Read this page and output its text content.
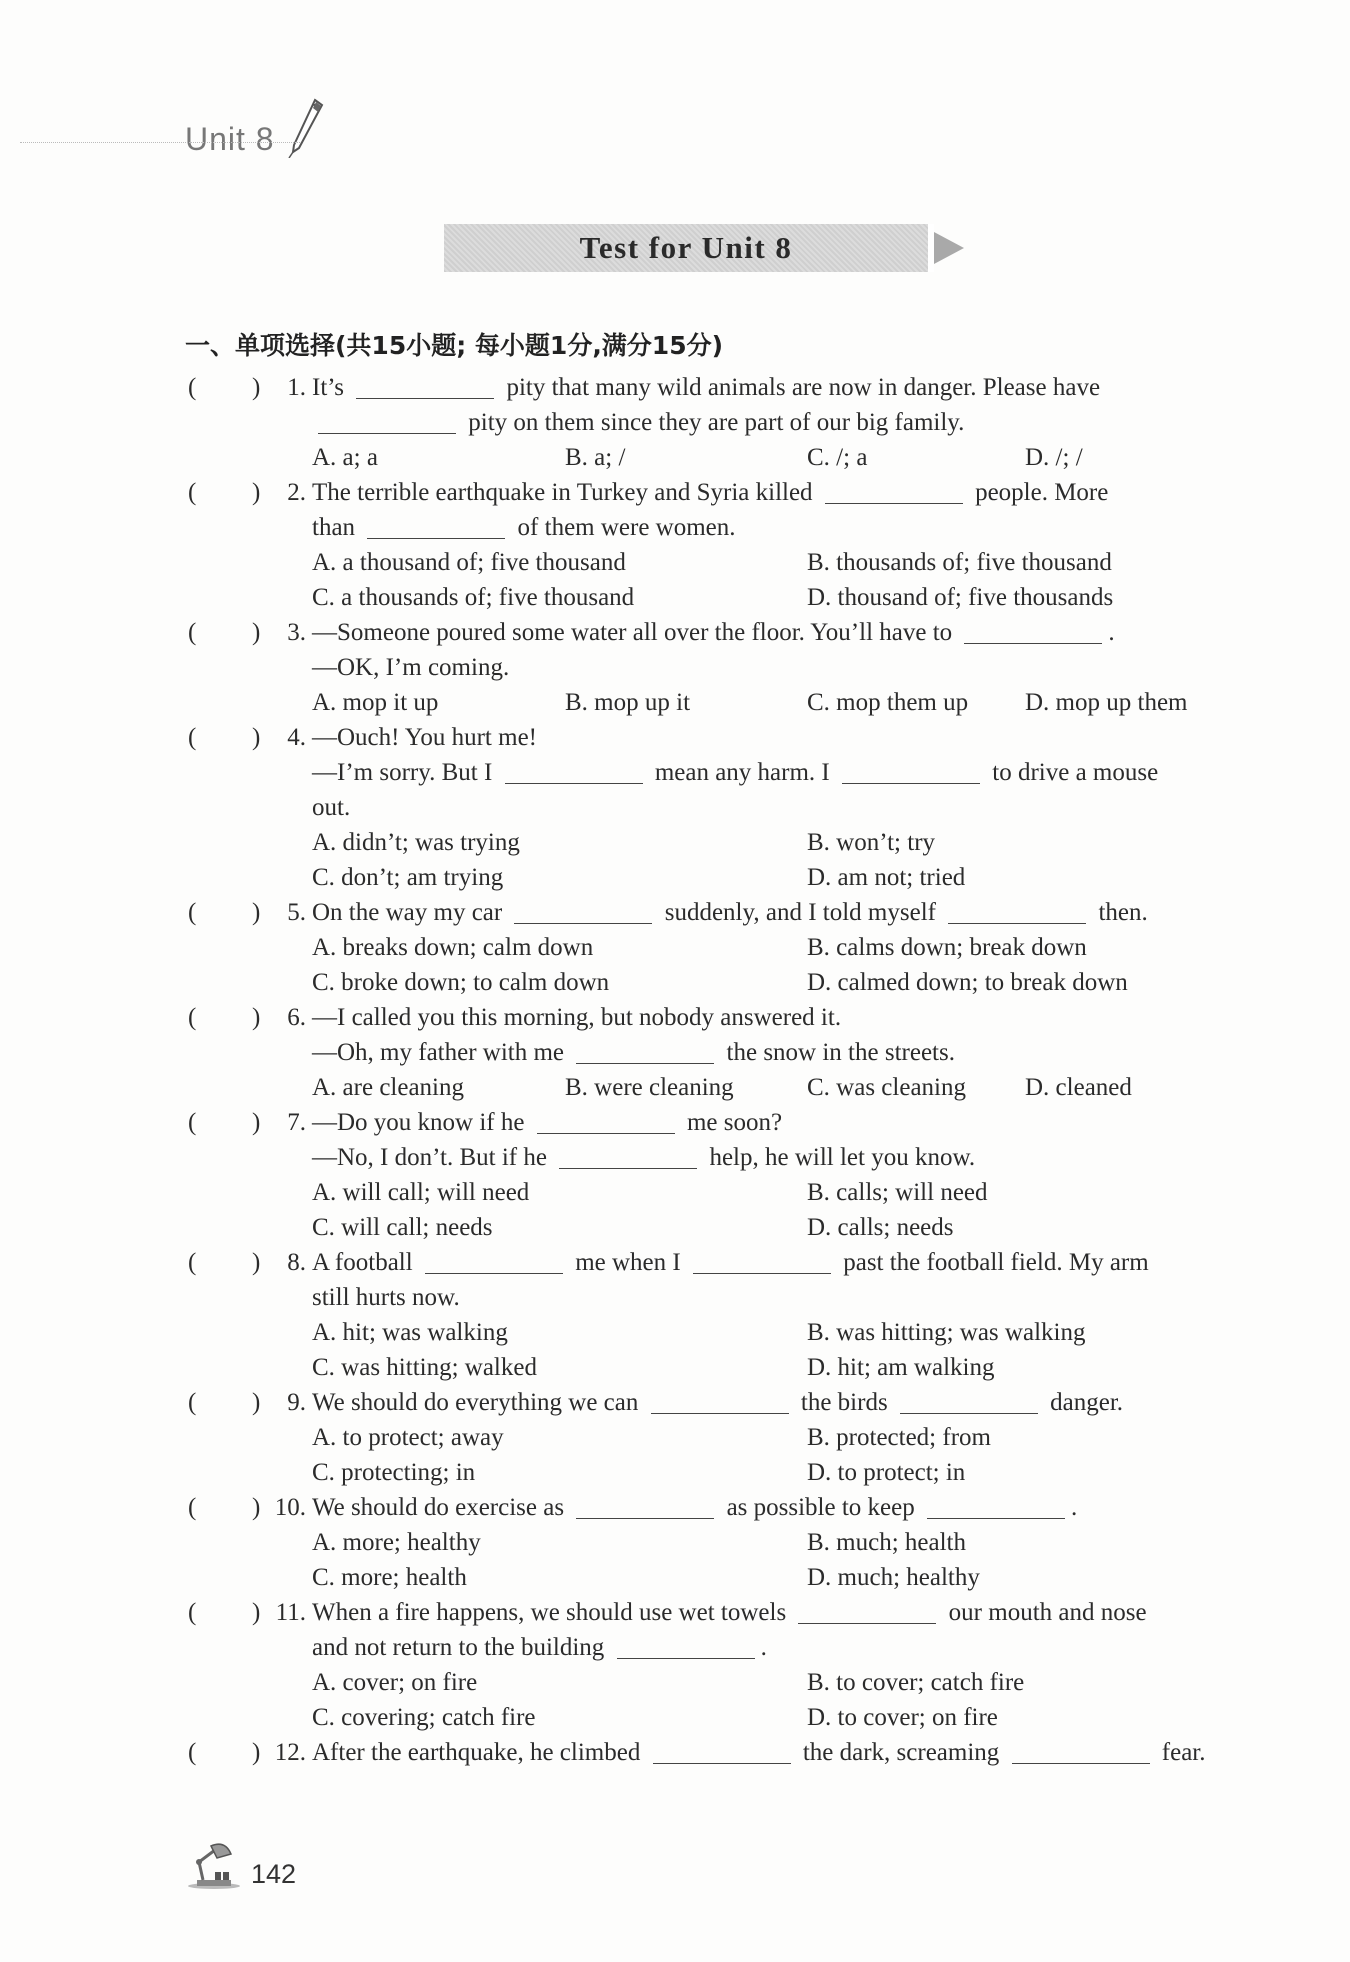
Unit 8
Test for Unit 8
一、单项选择(共15小题; 每小题1分,满分15分)
( )	1. It’s	pity that many wild animals are now in danger. Please have
pity on them since they are part of our big family.
A. a; a	B. a; /	C. /; a	D. /; /
( )	2. The terrible earthquake in Turkey and Syria killed	people. More
than	of them were women.
A. a thousand of; five thousand	B. thousands of; five thousand
C. a thousands of; five thousand	D. thousand of; five thousands
( )	3. —Someone poured some water all over the floor. You’ll have to	.
—OK, I’m coming.
A. mop it up	B. mop up it	C. mop them up D. mop up them
( )	4. —Ouch! You hurt me!
—I’m sorry. But I	mean any harm. I	to drive a mouse
out.
A. didn’t; was trying	B. won’t; try
C. don’t; am trying	D. am not; tried
( )	5. On the way my car	suddenly, and I told myself	then.
A. breaks down; calm down	B. calms down; break down
C. broke down; to calm down	D. calmed down; to break down
( )	6. —I called you this morning, but nobody answered it.
—Oh, my father with me	the snow in the streets.
A. are cleaning	B. were cleaning	C. was cleaning D. cleaned
( )	7. —Do you know if he	me soon?
—No, I don’t. But if he	help, he will let you know.
A. will call; will need	B. calls; will need
C. will call; needs	D. calls; needs
( )	8. A football	me when I	past the football field. My arm
still hurts now.
A. hit; was walking	B. was hitting; was walking
C. was hitting; walked	D. hit; am walking
( )	9. We should do everything we can	the birds	danger.
A. to protect; away	B. protected; from
C. protecting; in	D. to protect; in
( ) 10. We should do exercise as	as possible to keep	.
A. more; healthy	B. much; health
C. more; health	D. much; healthy
( ) 11. When a fire happens, we should use wet towels	our mouth and nose
and not return to the building	.
A. cover; on fire	B. to cover; catch fire
C. covering; catch fire	D. to cover; on fire
( ) 12. After the earthquake, he climbed	the dark, screaming	fear.
142
